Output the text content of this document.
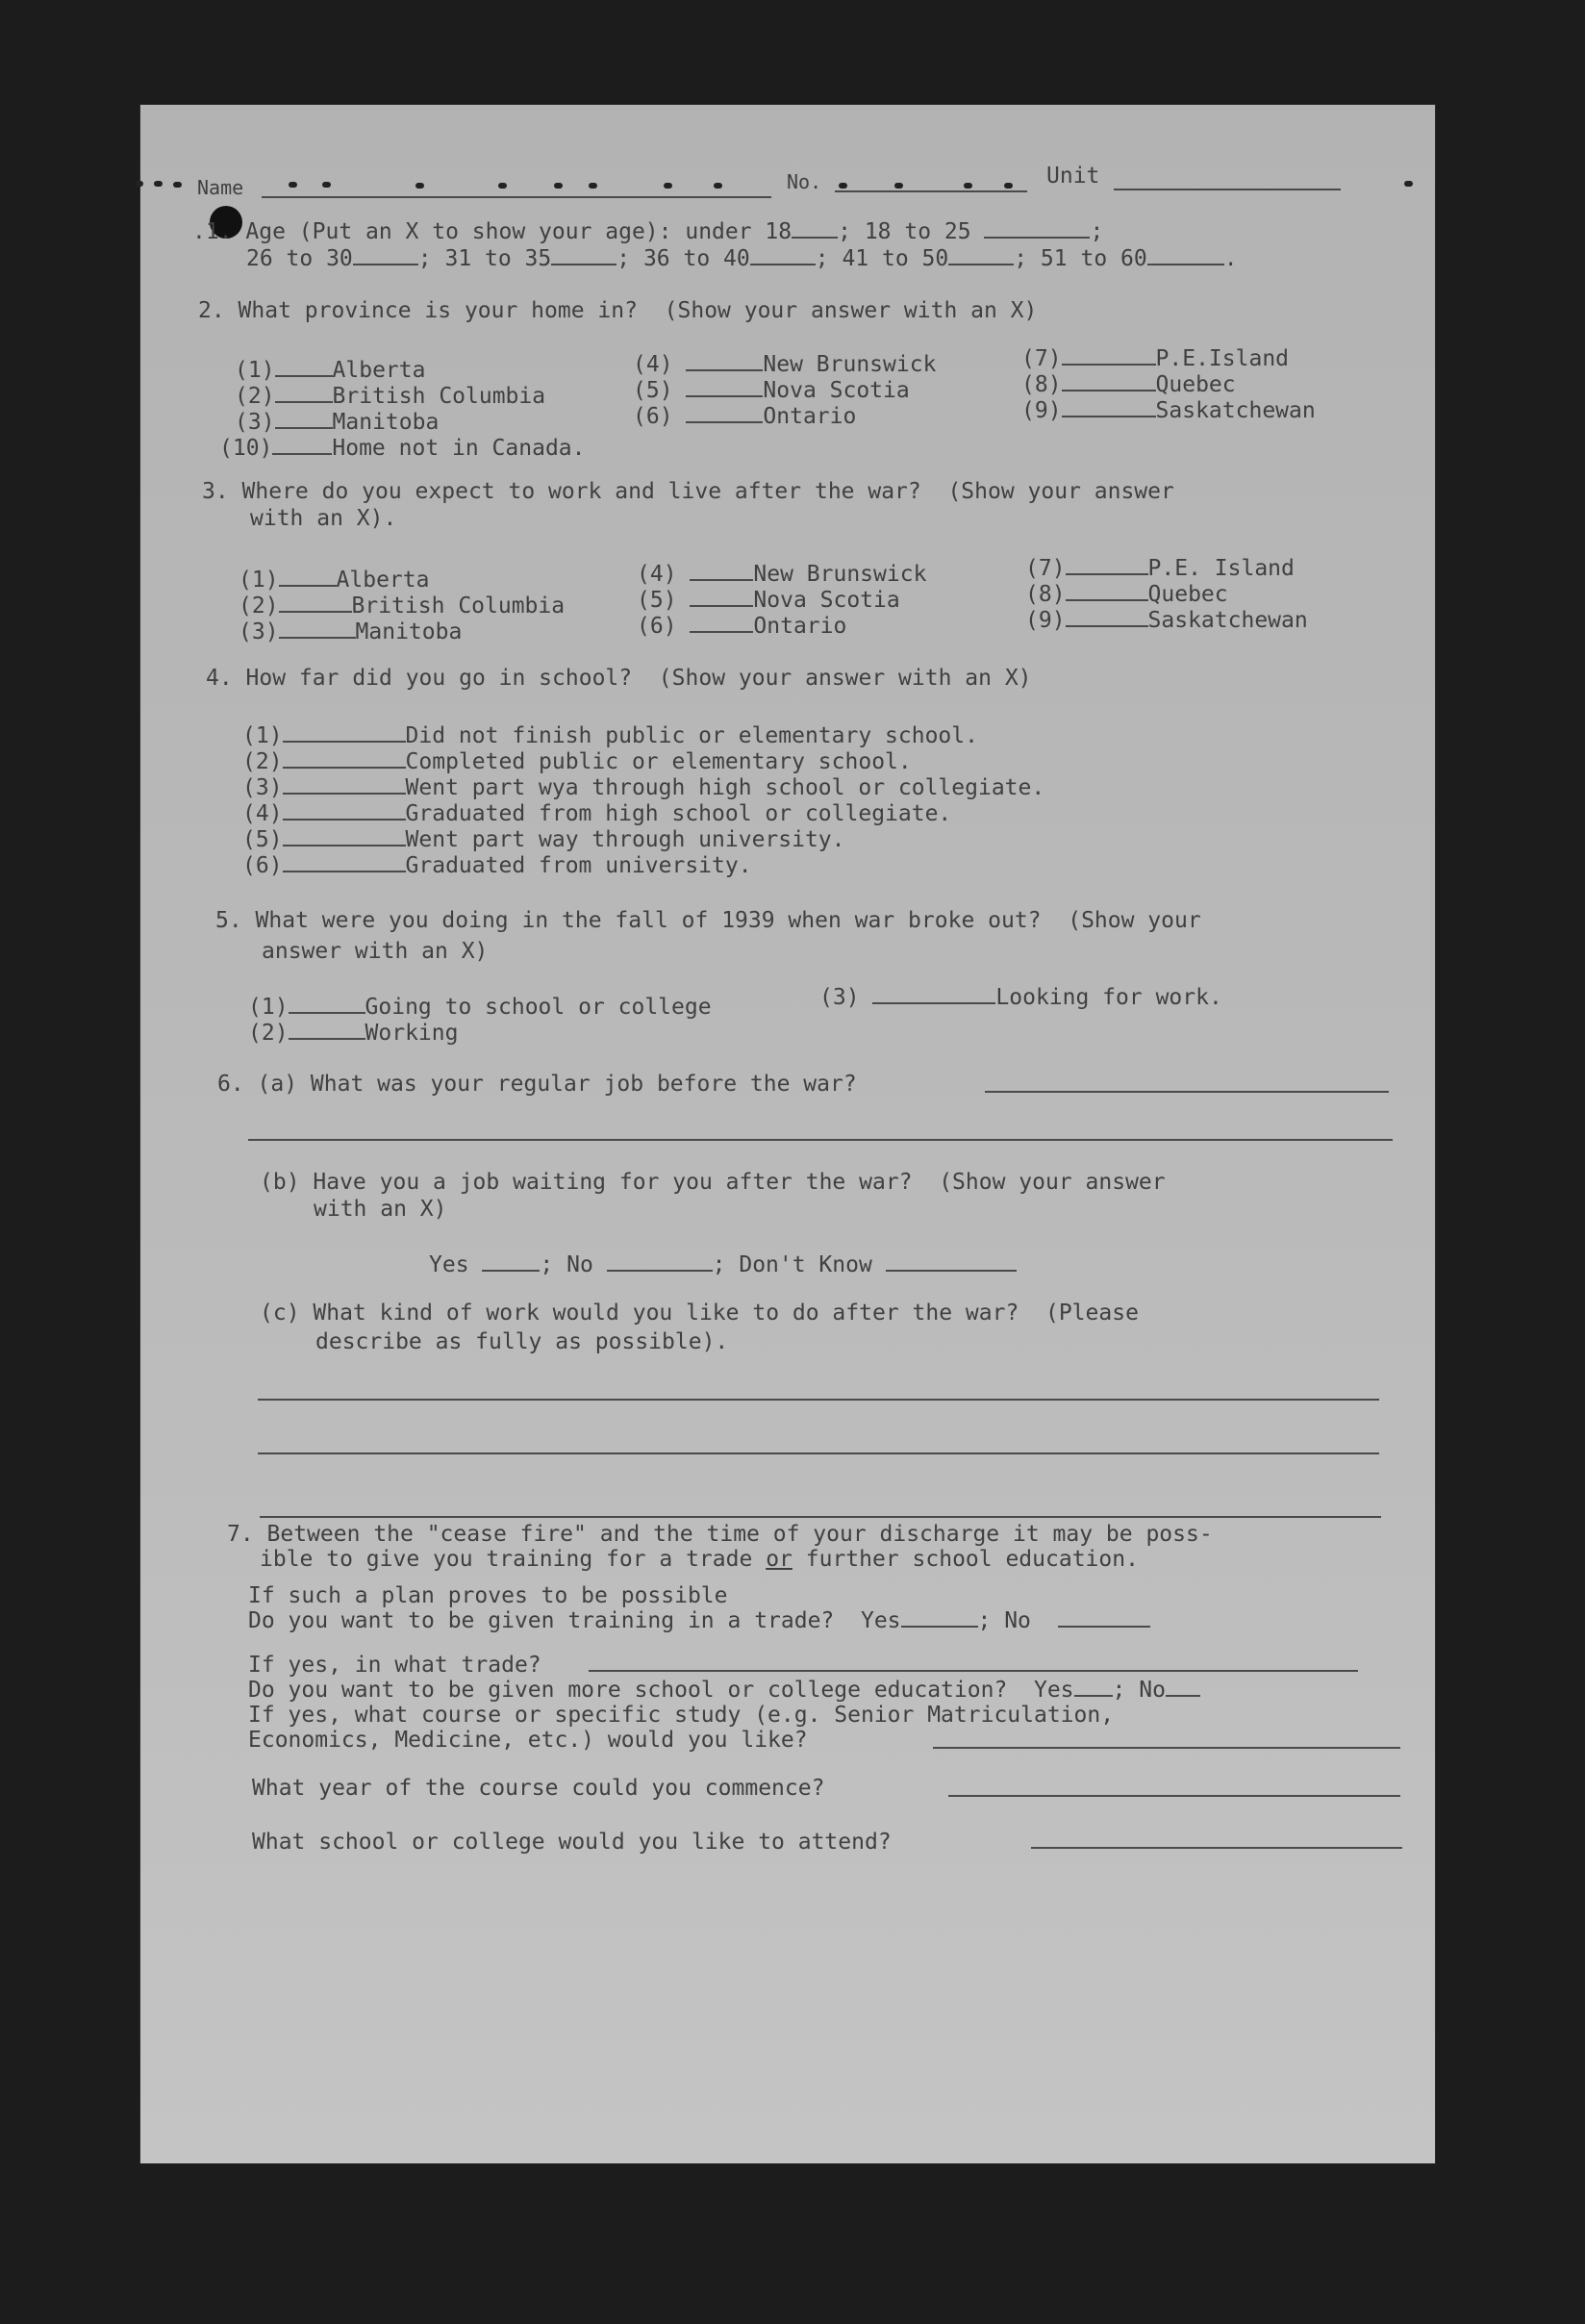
Name	No.	Unit
.1. Age (Put an X to show your age): under 18 ; 18 to 25	;
26 to 30	; 31 to 35	; 36 to 40	; 41 to 50	; 51 to 60	.
2. What province is your home in?  (Show your answer with an X)
(1)	Alberta
(2)	British Columbia
(3)	Manitoba
(10)	Home not in Canada.
(4)	New Brunswick
(5)	Nova Scotia
(6)	Ontario
(7)	P.E.Island
(8)	Quebec
(9)	Saskatchewan
3. Where do you expect to work and live after the war?  (Show your answer
with an X).
(1)	Alberta
(2)	British Columbia
(3)	Manitoba
(4)	New Brunswick
(5)	Nova Scotia
(6)	Ontario
(7)	P.E. Island
(8)	Quebec
(9)	Saskatchewan
4. How far did you go in school?  (Show your answer with an X)
(1)	Did not finish public or elementary school.
(2)	Completed public or elementary school.
(3)	Went part wya through high school or collegiate.
(4)	Graduated from high school or collegiate.
(5)	Went part way through university.
(6)	Graduated from university.
5. What were you doing in the fall of 1939 when war broke out?  (Show your
answer with an X)
(1)	Going to school or college
(2)	Working
(3)	Looking for work.
6. (a) What was your regular job before the war?
(b) Have you a job waiting for you after the war?  (Show your answer
with an X)
Yes	; No	; Don't Know
(c) What kind of work would you like to do after the war?  (Please
describe as fully as possible).
7. Between the "cease fire" and the time of your discharge it may be poss-
ible to give you training for a trade or further school education.
If such a plan proves to be possible
Do you want to be given training in a trade?  Yes	; No
If yes, in what trade?
Do you want to be given more school or college education?  Yes ; No
If yes, what course or specific study (e.g. Senior Matriculation,
Economics, Medicine, etc.) would you like?
What year of the course could you commence?
What school or college would you like to attend?
